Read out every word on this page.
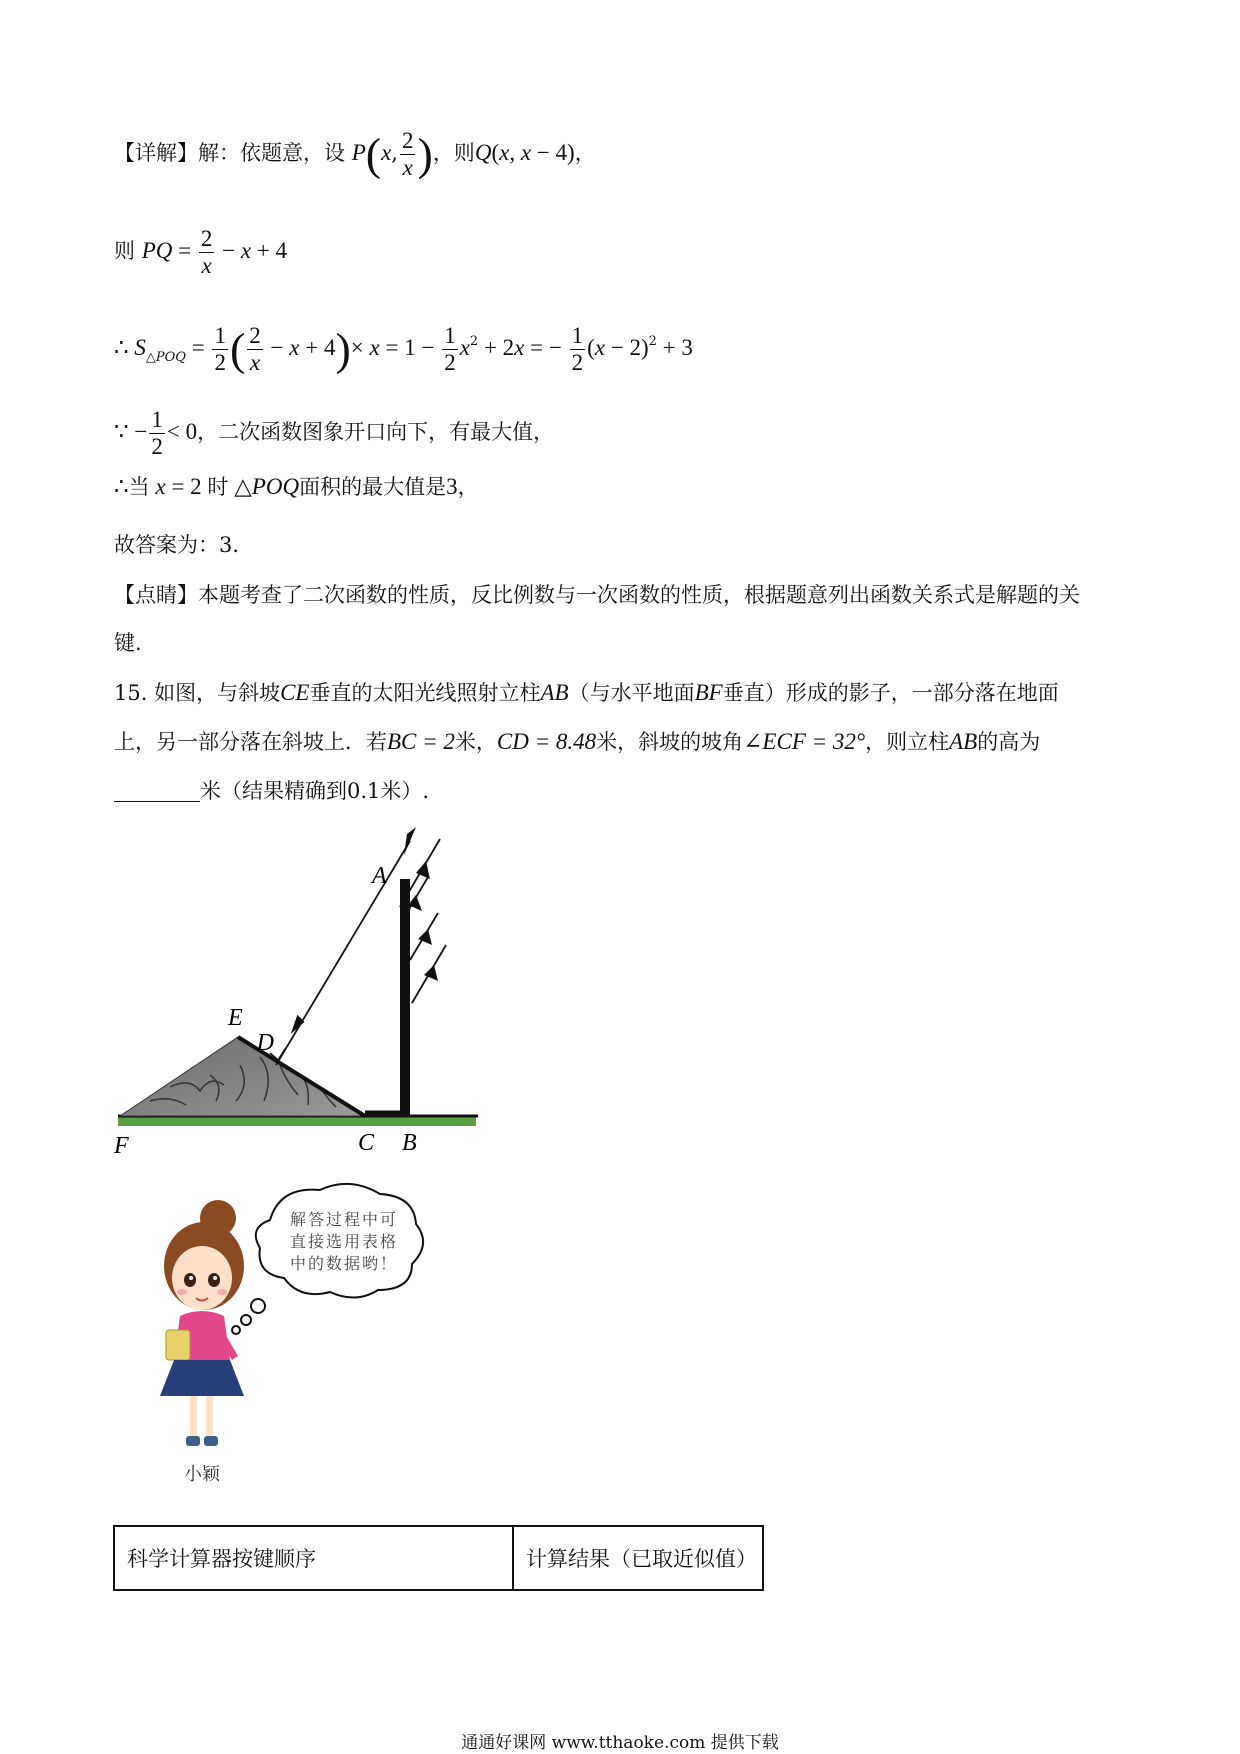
【详解】解：依题意，设 P(x, $\frac{2}{x}$ )，则Q(x, x − 4)，
则 PQ = $\frac{2}{x} - x + 4$
∴ $S_{\triangle POQ} = \frac{1}{2}$ ( $\frac{2}{x} - x + 4)\times x = 1 - \frac{1}{2} x^2 + 2x$ = − $\frac{1}{2} (x - 2)^2 + 3$
∵ − $\frac{1}{2} < 0$，二次函数图象开口向下，有最大值，
∴当 x = 2 时 △POQ面积的最大值是3，
故答案为：3．
【点睛】本题考查了二次函数的性质，反比例数与一次函数的性质，根据题意列出函数关系式是解题的关
键.
15. 如图，与斜坡CE垂直的太阳光线照射立柱AB（与水平地面BF垂直）形成的影子，一部分落在地面
上，另一部分落在斜坡上．若BC = 2米，CD = 8.48米，斜坡的坡角∠ECF = 32°，则立柱AB的高为
米（结果精确到0.1米）.
A
E
D
F	C B
解答过程中可
直接选用表格
中的数据哟！
小颖
科学计算器按键顺序	计算结果（已取近似值）
通通好课网 www.tthaoke.com 提供下载
